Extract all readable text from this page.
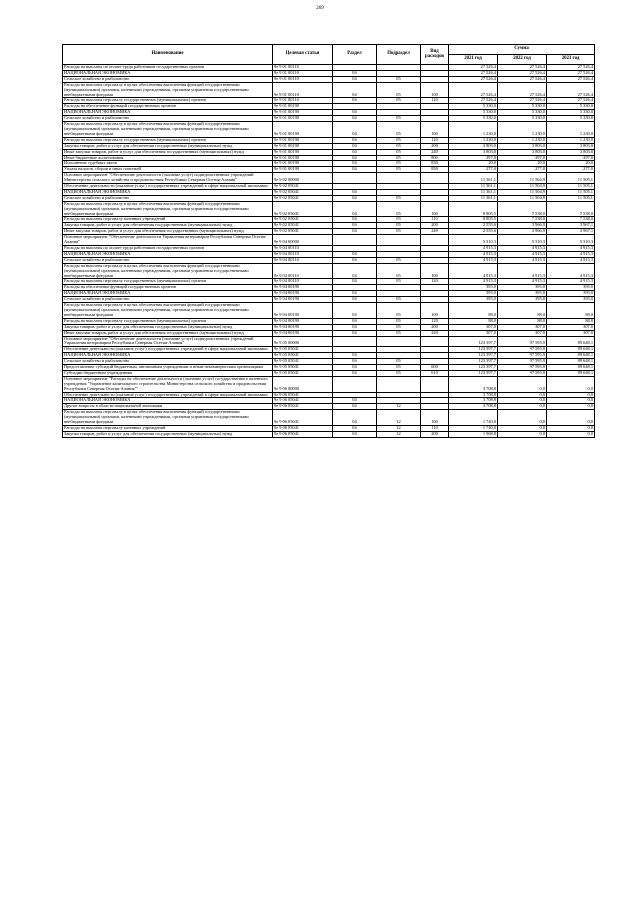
269
Наименование	Целевая статья	Раздел	Подраздел	Вид расходов	Сумма		
					2021 год	2022 год	2023 год
Расходы на выплаты по оплате труда работников государственных органов	9е 9 01 00110				27 526,4	27 526,4	27 526,4
НАЦИОНАЛЬНАЯ ЭКОНОМИКА	9е 9 01 00110	04			27 526,4	27 526,4	27 526,4
Сельское хозяйство и рыболовство	9е 9 01 00110	04	05		27 526,4	27 526,4	27 526,4
Расходы на выплаты персоналу в целях обеспечения выполнения функций государственными (муниципальными) органами, казенными учреждениями, органами управления государственными внебюджетными фондами	9е 9 01 00110	04	05	100	27 526,4	27 526,4	27 526,4
Расходы на выплаты персоналу государственных (муниципальных) органов	9е 9 01 00110	04	05	120	27 526,4	27 526,4	27 526,4
Расходы на обеспечение функций государственных органов	9е 9 01 00190				5 330,0	5 330,0	5 330,0
НАЦИОНАЛЬНАЯ ЭКОНОМИКА	9е 9 01 00190	04			5 330,0	5 330,0	5 330,0
Сельское хозяйство и рыболовство	9е 9 01 00190	04	05		5 330,0	5 330,0	5 330,0
Расходы на выплаты персоналу в целях обеспечения выполнения функций государственными (муниципальными) органами, казенными учреждениями, органами управления государственными внебюджетными фондами	9е 9 01 00190	04	05	100	1 230,0	1 230,0	1 230,0
Расходы на выплаты персоналу государственных (муниципальных) органов	9е 9 01 00190	04	05	120	1 230,0	1 230,0	1 230,0
Закупка товаров, работ и услуг для обеспечения государственных (муниципальных) нужд	9е 9 01 00190	04	05	200	3 803,0	3 803,0	3 803,0
Иные закупки товаров, работ и услуг для обеспечения государственных (муниципальных) нужд	9е 9 01 00190	04	05	240	3 803,0	3 803,0	3 803,0
Иные бюджетные ассигнования	9е 9 01 00190	04	05	800	297,0	297,0	297,0
Исполнение судебных актов	9е 9 01 00190	04	05	830	20,0	20,0	20,0
Уплата налогов, сборов и иных платежей	9е 9 01 00190	04	05	850	277,0	277,0	277,0
Основное мероприятие "Обеспечение деятельности (оказание услуг) подведомственных учреждений Министерства сельского хозяйства и продовольствия Республики Северная Осетия-Алания"	9е 9 02 00000				11 361,1	11 504,9	11 505,1
Обеспечение деятельности (оказание услуг) государственных учреждений в сфере национальной экономики	9е 9 02 05041				11 361,1	11 504,9	11 505,1
НАЦИОНАЛЬНАЯ ЭКОНОМИКА	9е 9 02 05041	04			11 361,1	11 504,9	11 505,1
Сельское хозяйство и рыболовство	9е 9 02 05041	04	05		11 361,1	11 504,9	11 505,1
Расходы на выплаты персоналу в целях обеспечения выполнения функций государственными (муниципальными) органами, казенными учреждениями, органами управления государственными внебюджетными фондами	9е 9 02 05041	04	05	100	8 805,5	7 538,0	7 538,0
Расходы на выплаты персоналу казенных учреждений	9е 9 02 05041	04	05	110	8 805,5	7 538,0	7 538,0
Закупка товаров, работ и услуг для обеспечения государственных (муниципальных) нужд	9е 9 02 05041	04	05	200	2 555,6	3 966,9	3 967,1
Иные закупки товаров, работ и услуг для обеспечения государственных (муниципальных) нужд	9е 9 02 05041	04	05	240	2 555,6	3 966,9	3 967,1
Основное мероприятие "Обеспечение деятельности Управления ветеринарии Республики Северная Осетия-Алания"	9е 9 04 00000				5 310,3	5 310,3	5 310,3
Расходы на выплаты по оплате труда работников государственных органов	9е 9 04 00110				4 915,3	4 915,3	4 915,3
НАЦИОНАЛЬНАЯ ЭКОНОМИКА	9е 9 04 00110	04			4 915,3	4 915,3	4 915,3
Сельское хозяйство и рыболовство	9е 9 04 00110	04	05		4 915,3	4 915,3	4 915,3
Расходы на выплаты персоналу в целях обеспечения выполнения функций государственными (муниципальными) органами, казенными учреждениями, органами управления государственными внебюджетными фондами	9е 9 04 00110	04	05	100	4 915,3	4 915,3	4 915,3
Расходы на выплаты персоналу государственных (муниципальных) органов	9е 9 04 00110	04	05	120	4 915,3	4 915,3	4 915,3
Расходы на обеспечение функций государственных органов	9е 9 04 00190				395,0	395,0	395,0
НАЦИОНАЛЬНАЯ ЭКОНОМИКА	9е 9 04 00190	04			395,0	395,0	395,0
Сельское хозяйство и рыболовство	9е 9 04 00190	04	05		395,0	395,0	395,0
Расходы на выплаты персоналу в целях обеспечения выполнения функций государственными (муниципальными) органами, казенными учреждениями, органами управления государственными внебюджетными фондами	9е 9 04 00190	04	05	100	88,0	88,0	88,0
Расходы на выплаты персоналу государственных (муниципальных) органов	9е 9 04 00190	04	05	120	88,0	88,0	88,0
Закупка товаров, работ и услуг для обеспечения государственных (муниципальных) нужд	9е 9 04 00190	04	05	200	307,0	307,0	307,0
Иные закупки товаров, работ и услуг для обеспечения государственных (муниципальных) нужд	9е 9 04 00190	04	05	240	307,0	307,0	307,0
Основное мероприятие "Обеспечение деятельности (оказание услуг) подведомственных учреждений Управления ветеринарии Республики Северная Осетия-Алания"	9е 9 05 00000				123 397,7	97 595,9	89 648,1
Обеспечение деятельности (оказание услуг) государственных учреждений в сфере национальной экономики	9е 9 05 05041				123 397,7	97 595,9	89 648,1
НАЦИОНАЛЬНАЯ ЭКОНОМИКА	9е 9 05 05041	04			123 397,7	97 595,9	89 648,1
Сельское хозяйство и рыболовство	9е 9 05 05041	04	05		123 397,7	97 595,9	89 648,1
Предоставление субсидий бюджетным, автономным учреждениям и иным некоммерческим организациям	9е 9 05 05041	04	05	600	123 397,7	97 595,9	89 648,1
Субсидии бюджетным учреждениям	9е 9 05 05041	04	05	610	123 397,7	97 595,9	89 648,1
Основное мероприятие "Расходы на обеспечение деятельности (оказание услуг) государственного казенного учреждения "Управление капитального строительства Министерства сельского хозяйства и продовольствия Республики Северная Осетия-Алания""	9е 9 06 00000				3 708,8	0,0	0,0
Обеспечение деятельности (оказание услуг) государственных учреждений в сфере национальной экономики	9е 9 06 05041				3 708,8	0,0	0,0
НАЦИОНАЛЬНАЯ ЭКОНОМИКА	9е 9 06 05041	04			3 708,8	0,0	0,0
Другие вопросы в области национальной экономики	9е 9 06 05041	04	12		3 708,8	0,0	0,0
Расходы на выплаты персоналу в целях обеспечения выполнения функций государственными (муниципальными) органами, казенными учреждениями, органами управления государственными внебюджетными фондами	9е 9 06 05041	04	12	100	1 740,0	0,0	0,0
Расходы на выплаты персоналу казенных учреждений	9е 9 06 05041	04	12	110	1 740,0	0,0	0,0
Закупка товаров, работ и услуг для обеспечения государственных (муниципальных) нужд	9е 9 06 05041	04	12	200	1 968,8	0,0	0,0
